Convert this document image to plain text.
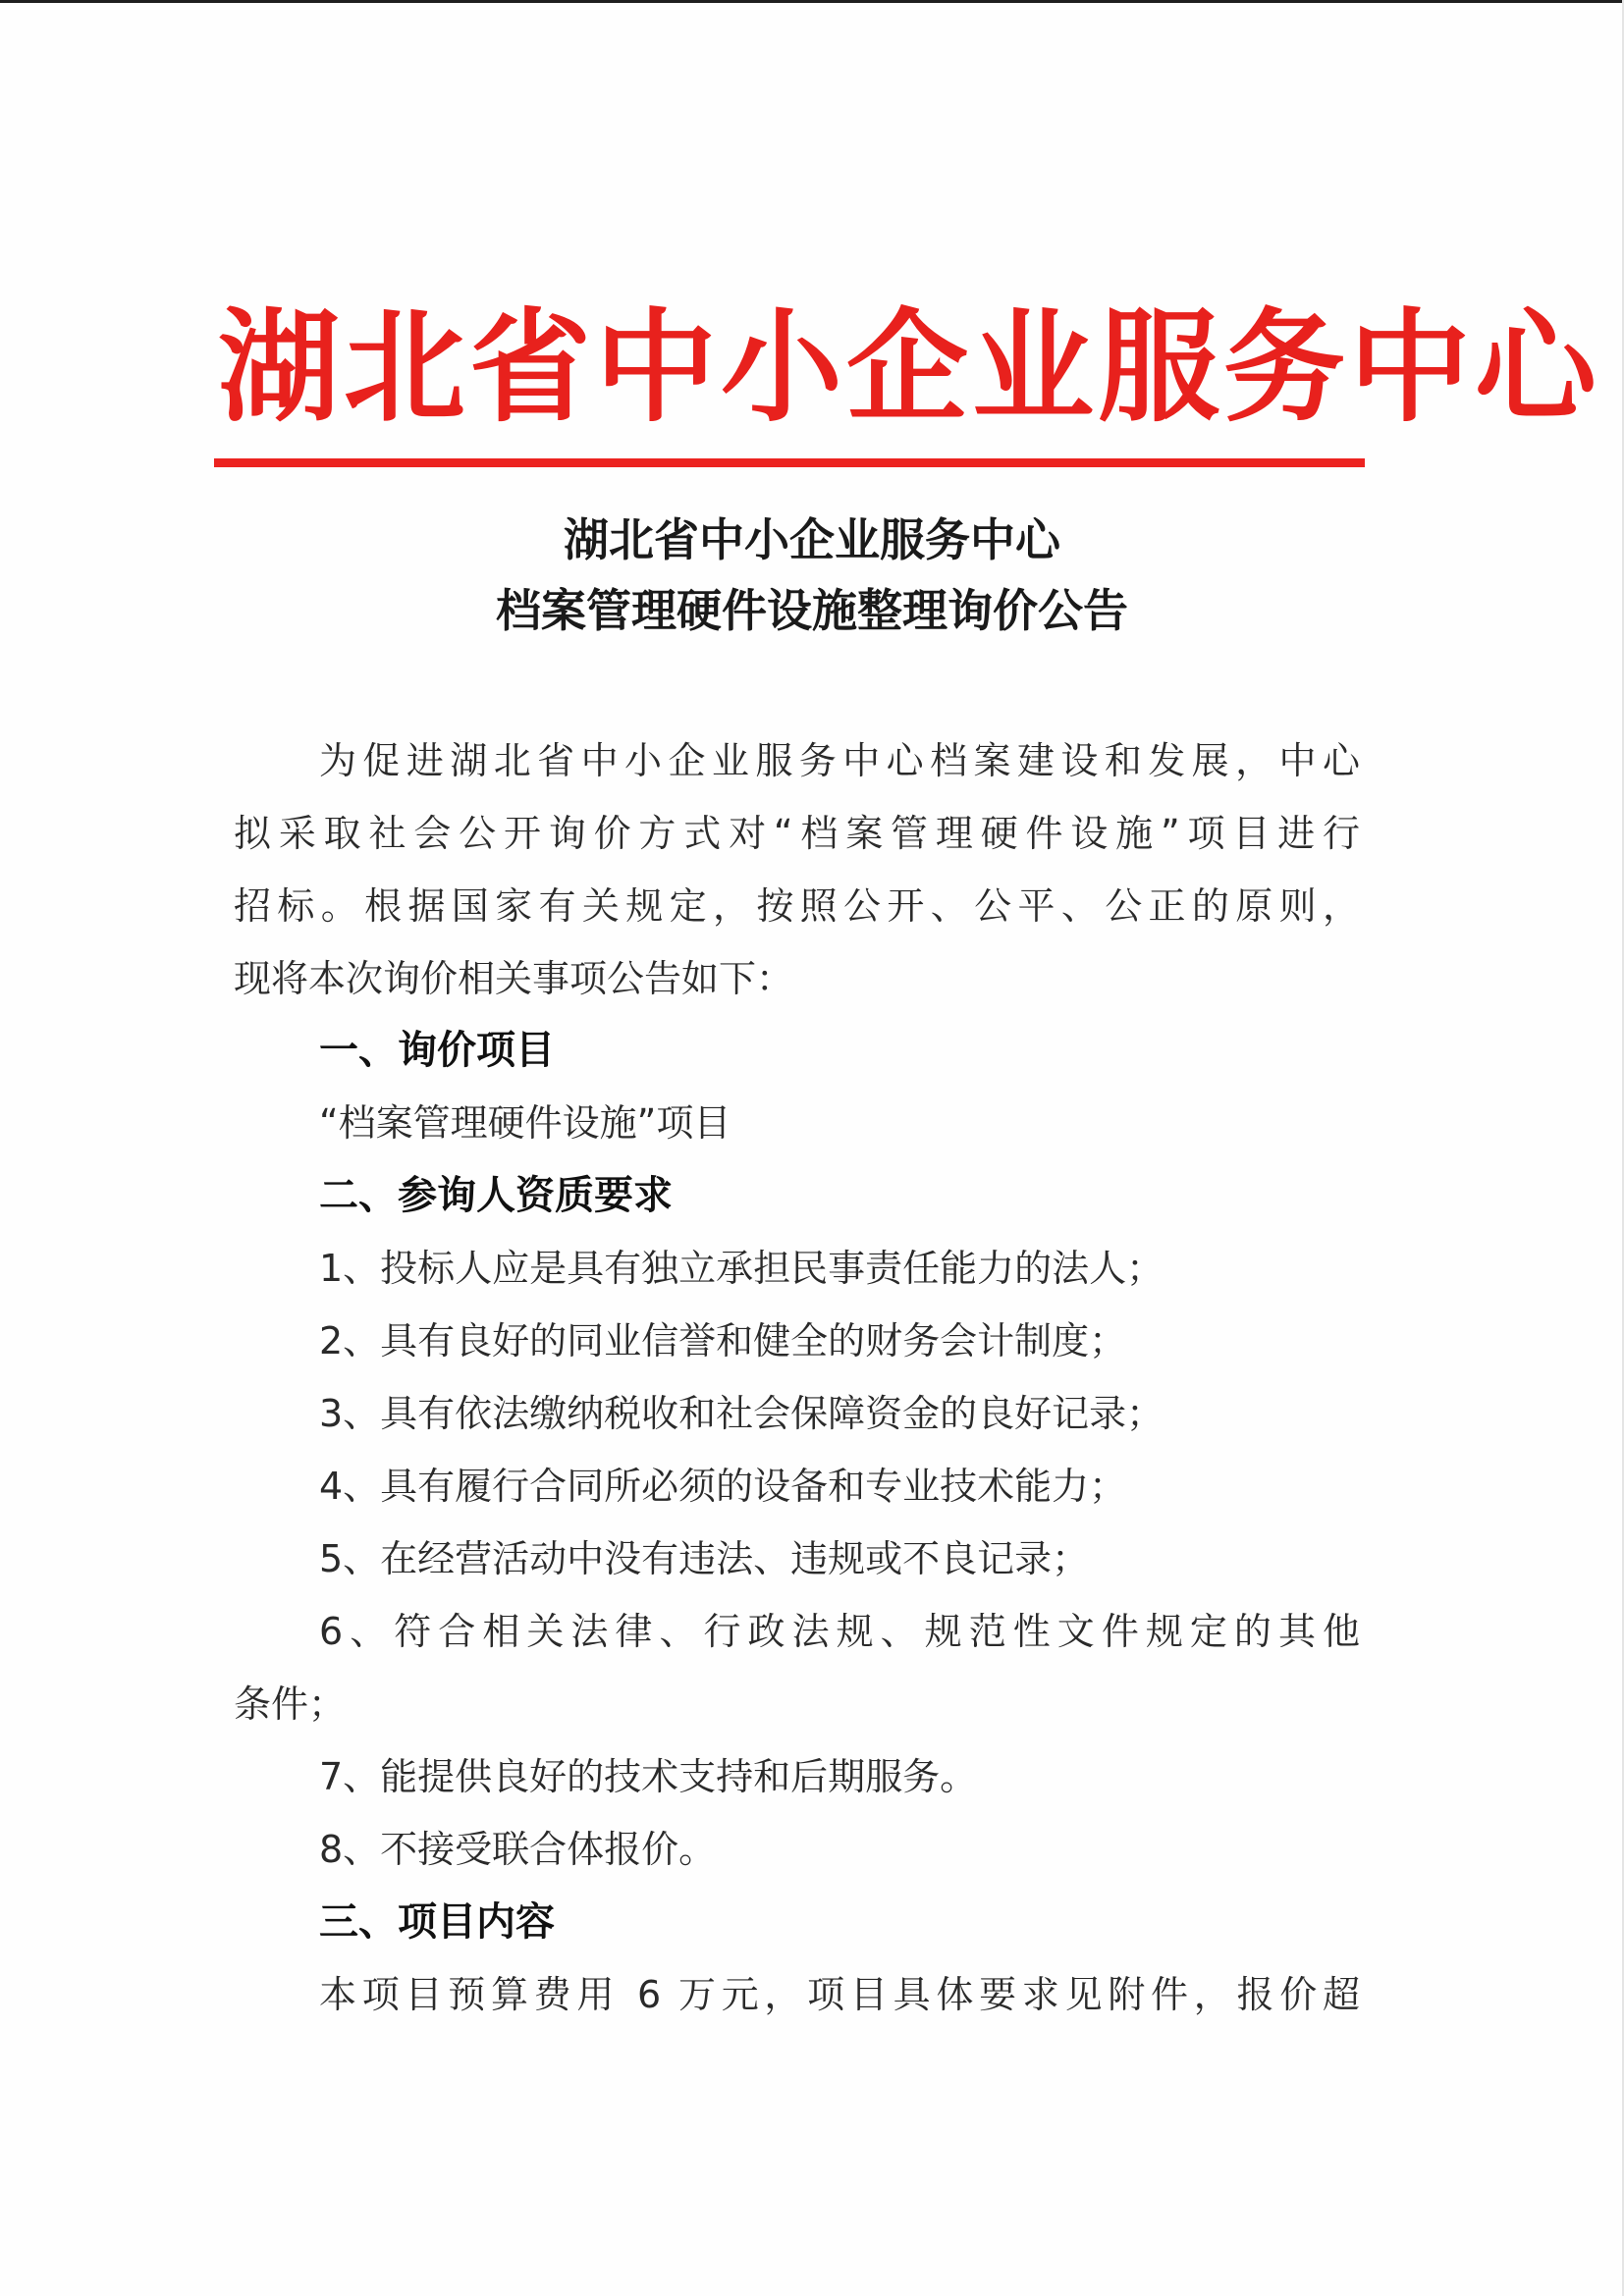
湖北省中小企业服务中心
湖北省中小企业服务中心
档案管理硬件设施整理询价公告
为促进湖北省中小企业服务中心档案建设和发展，中心
拟采取社会公开询价方式对“档案管理硬件设施”项目进行
招标。根据国家有关规定，按照公开、公平、公正的原则，
现将本次询价相关事项公告如下：
一、询价项目
“档案管理硬件设施”项目
二、参询人资质要求
1、投标人应是具有独立承担民事责任能力的法人；
2、具有良好的同业信誉和健全的财务会计制度；
3、具有依法缴纳税收和社会保障资金的良好记录；
4、具有履行合同所必须的设备和专业技术能力；
5、在经营活动中没有违法、违规或不良记录；
6、符合相关法律、行政法规、规范性文件规定的其他
条件；
7、能提供良好的技术支持和后期服务。
8、不接受联合体报价。
三、项目内容
本项目预算费用 6 万元，项目具体要求见附件，报价超
